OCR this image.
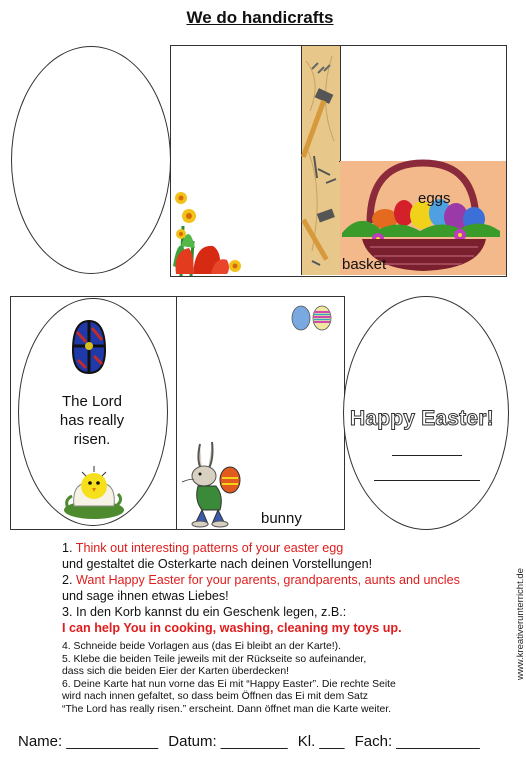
We do handicrafts
eggs
basket
The Lord
has really
risen.
bunny
Happy Easter!

1. Think out interesting patterns of your easter egg

und gestaltet die Osterkarte nach deinen Vorstellungen!

2. Want Happy Easter for your parents, grandparents, aunts and uncles

und sage ihnen etwas Liebes!

3. In den Korb kannst du ein Geschenk legen, z.B.:

I can help You in cooking, washing, cleaning my toys up.

4. Schneide beide Vorlagen aus (das Ei bleibt an der Karte!).

5. Klebe die beiden Teile jeweils mit der Rückseite so aufeinander,

dass sich die beiden Eier der Karten überdecken!

6. Deine Karte hat nun vorne das Ei mit “Happy Easter”. Die rechte Seite

wird nach innen gefaltet, so dass beim Öffnen das Ei mit dem Satz

“The Lord has really risen.” erscheint. Dann öffnet man die Karte weiter.

Name: ___________ Datum: ________ Kl. ___ Fach: __________
www.kreativerunterricht.de
